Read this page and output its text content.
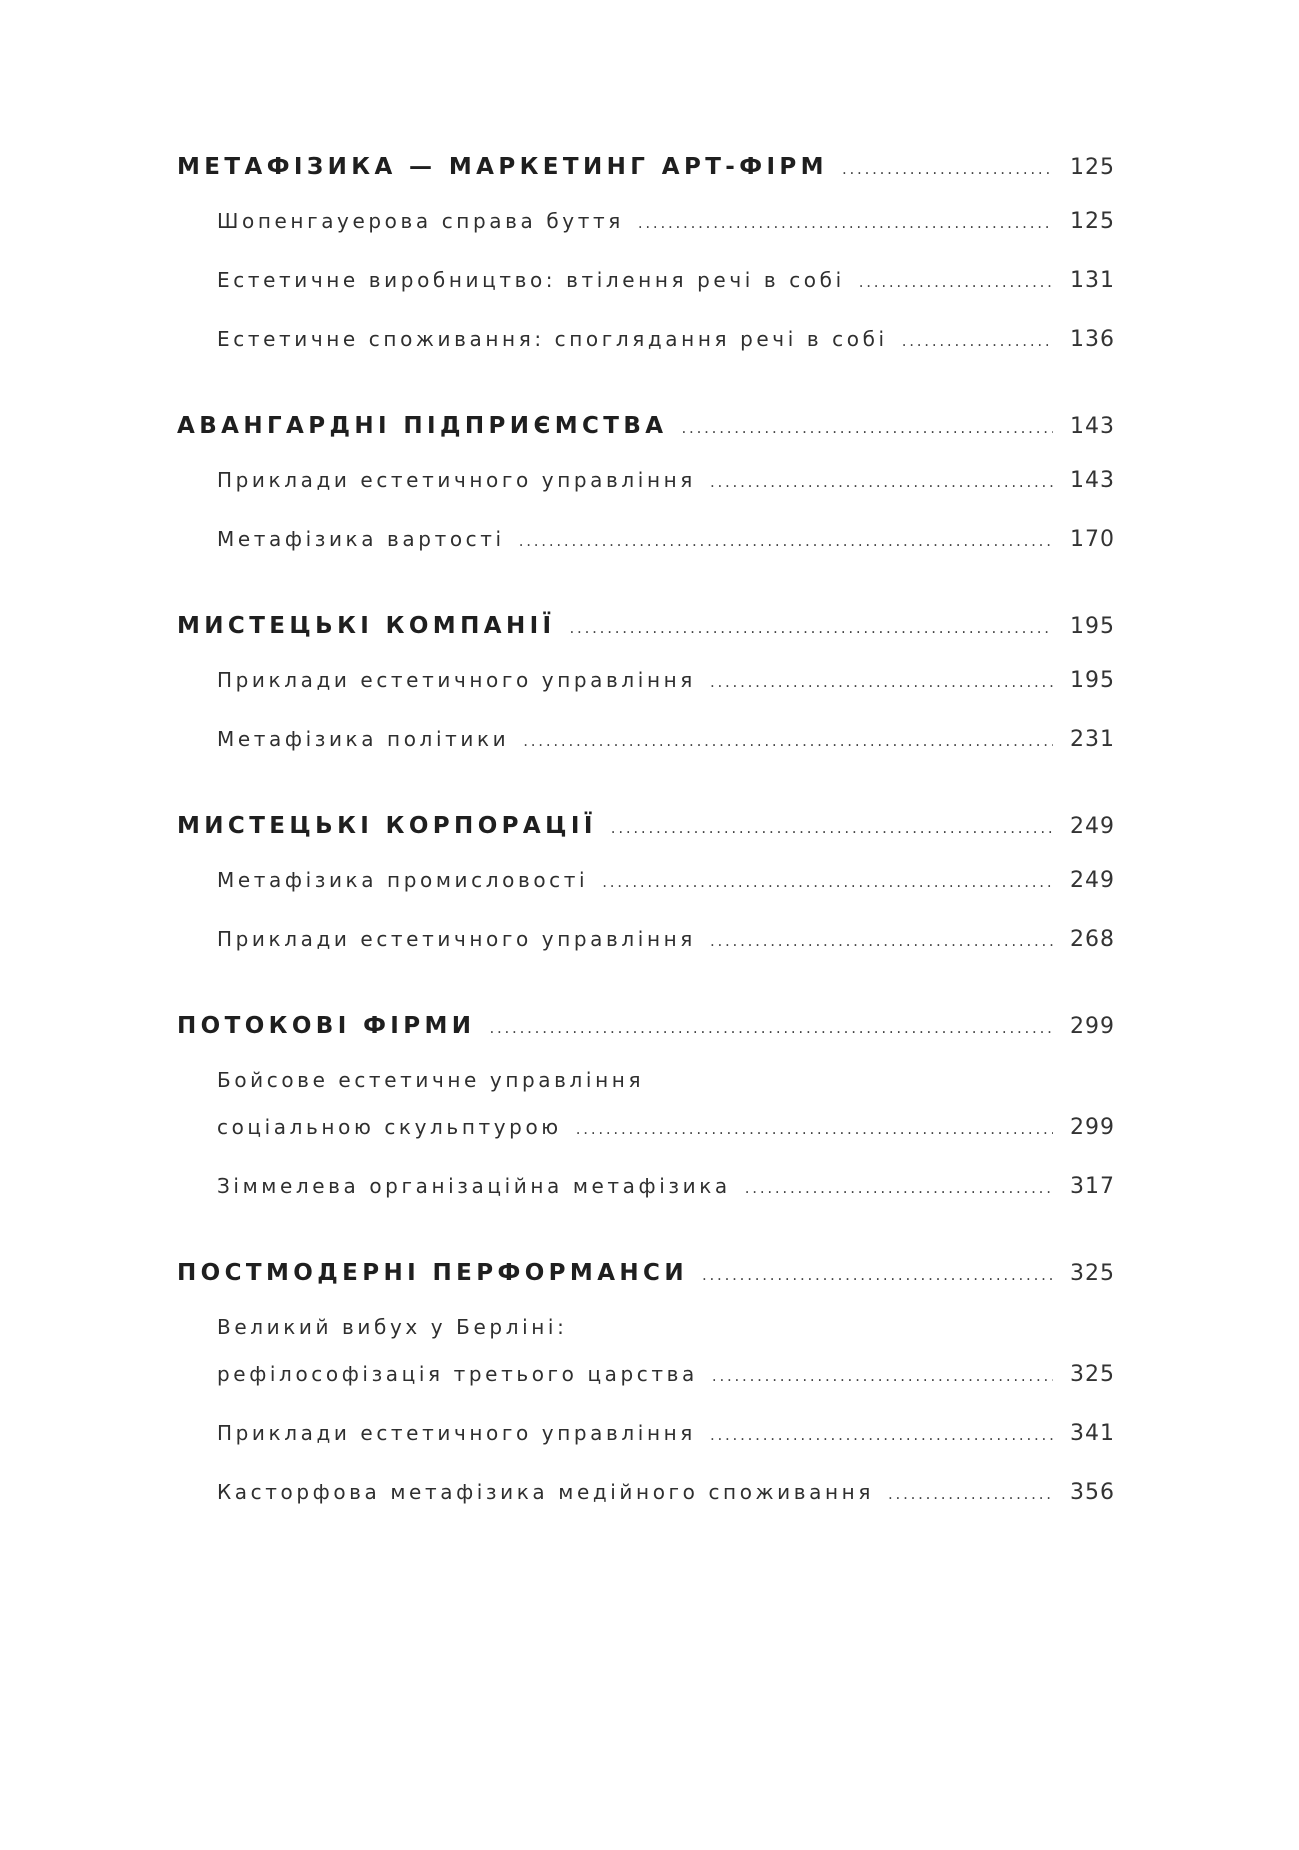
МЕТАФІЗИКА — МАРКЕТИНГ АРТ-ФІРМ . . .	125
Шопенгауерова справа буття . . .	125
Естетичне виробництво: втілення речі в собі . . .	131
Естетичне споживання: споглядання речі в собі . . .	136
АВАНГАРДНІ ПІДПРИЄМСТВА . . .	143
Приклади естетичного управління . . .	143
Метафізика вартості . . .	170
МИСТЕЦЬКІ КОМПАНІЇ . . .	195
Приклади естетичного управління . . .	195
Метафізика політики . . .	231
МИСТЕЦЬКІ КОРПОРАЦІЇ . . .	249
Метафізика промисловості . . .	249
Приклади естетичного управління . . .	268
ПОТОКОВІ ФІРМИ . . .	299
Бойсове естетичне управління
соціальною скульптурою . . .	299
Зіммелева організаційна метафізика . . .	317
ПОСТМОДЕРНІ ПЕРФОРМАНСИ . . .	325
Великий вибух у Берліні:
рефілософізація третього царства . . .	325
Приклади естетичного управління . . .	341
Касторфова метафізика медійного споживання . . .	356
